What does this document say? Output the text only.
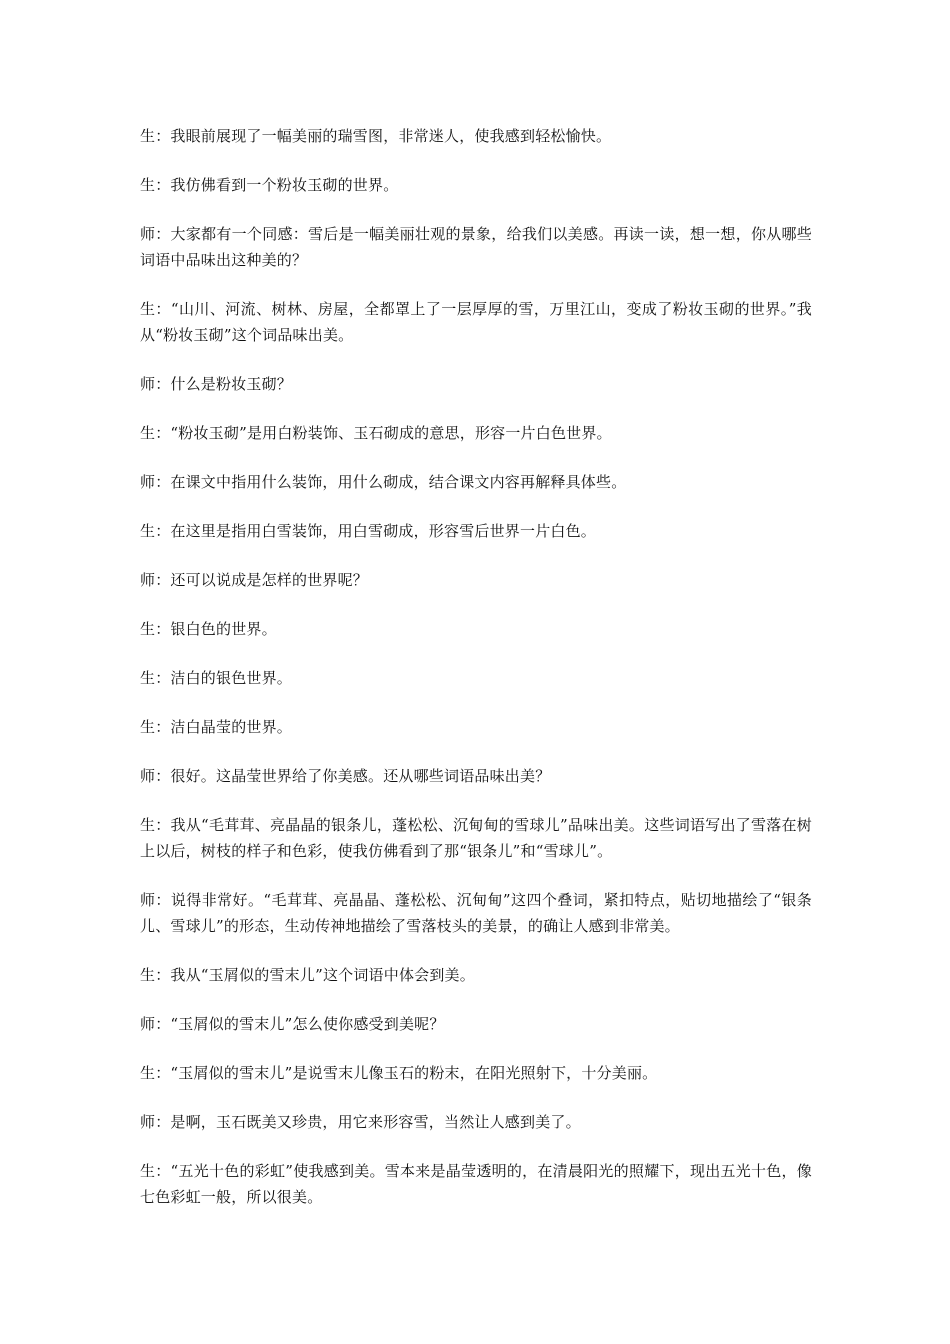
生：我眼前展现了一幅美丽的瑞雪图，非常迷人，使我感到轻松愉快。

生：我仿佛看到一个粉妆玉砌的世界。

师：大家都有一个同感：雪后是一幅美丽壮观的景象，给我们以美感。再读一读，想一想，你从哪些词语中品味出这种美的？

生：“山川、河流、树林、房屋，全都罩上了一层厚厚的雪，万里江山，变成了粉妆玉砌的世界。”我从“粉妆玉砌”这个词品味出美。

师：什么是粉妆玉砌？

生：“粉妆玉砌”是用白粉装饰、玉石砌成的意思，形容一片白色世界。

师：在课文中指用什么装饰，用什么砌成，结合课文内容再解释具体些。

生：在这里是指用白雪装饰，用白雪砌成，形容雪后世界一片白色。

师：还可以说成是怎样的世界呢？

生：银白色的世界。

生：洁白的银色世界。

生：洁白晶莹的世界。

师：很好。这晶莹世界给了你美感。还从哪些词语品味出美？

生：我从“毛茸茸、亮晶晶的银条儿，蓬松松、沉甸甸的雪球儿”品味出美。这些词语写出了雪落在树上以后，树枝的样子和色彩，使我仿佛看到了那“银条儿”和“雪球儿”。

师：说得非常好。“毛茸茸、亮晶晶、蓬松松、沉甸甸”这四个叠词，紧扣特点，贴切地描绘了“银条儿、雪球儿”的形态，生动传神地描绘了雪落枝头的美景，的确让人感到非常美。

生：我从“玉屑似的雪末儿”这个词语中体会到美。

师：“玉屑似的雪末儿”怎么使你感受到美呢？

生：“玉屑似的雪末儿”是说雪末儿像玉石的粉末，在阳光照射下，十分美丽。

师：是啊，玉石既美又珍贵，用它来形容雪，当然让人感到美了。

生：“五光十色的彩虹”使我感到美。雪本来是晶莹透明的，在清晨阳光的照耀下，现出五光十色，像七色彩虹一般，所以很美。
